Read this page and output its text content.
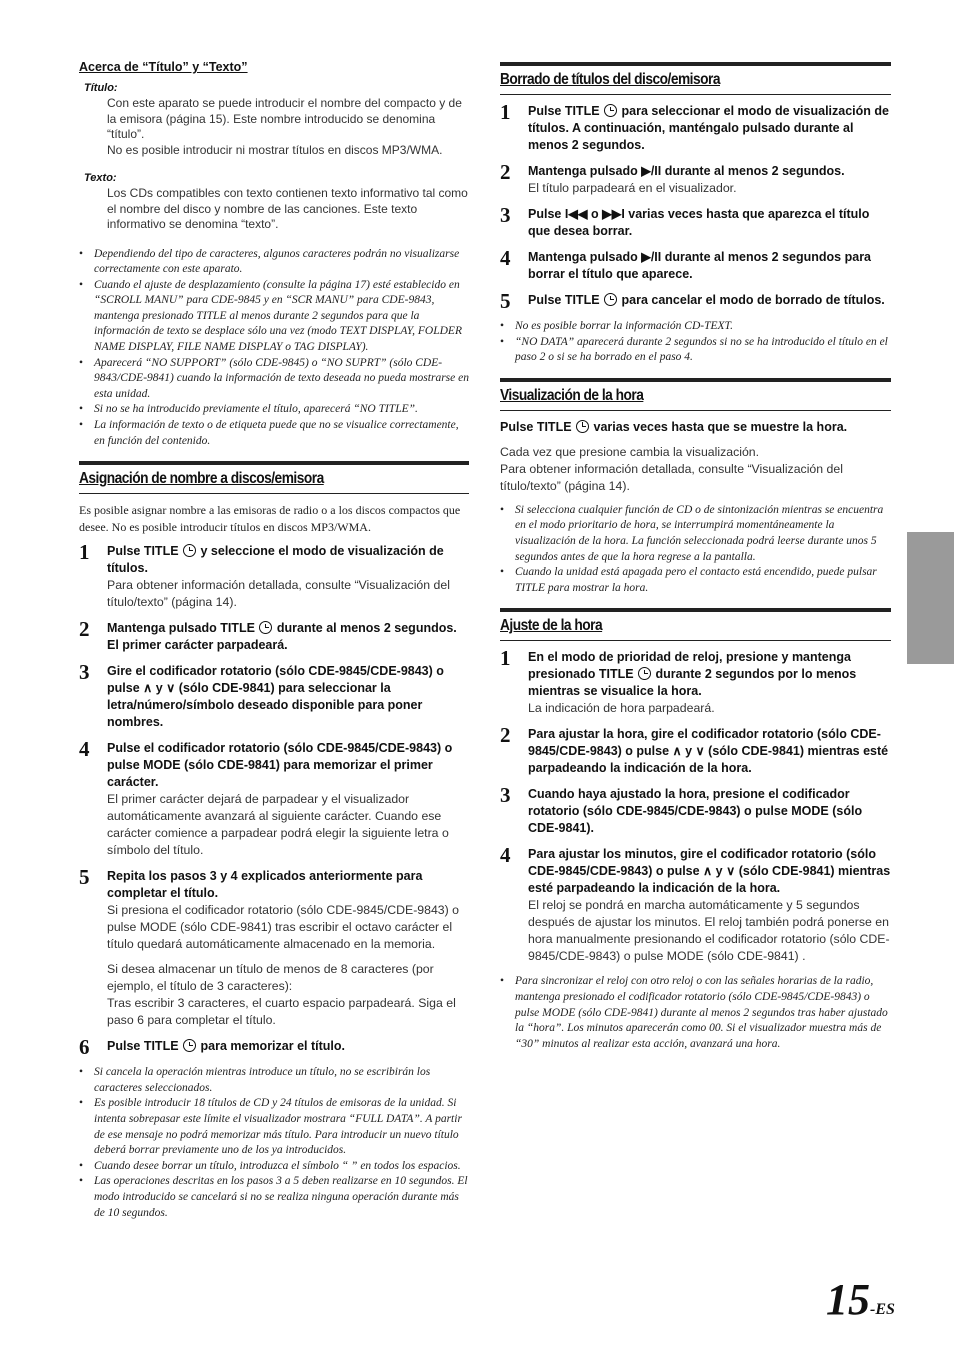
Acerca de “Título” y “Texto”
Título:

Con este aparato se puede introducir el nombre del compacto y de la emisora (página 15). Este nombre introducido se denomina “título”.

No es posible introducir ni mostrar títulos en discos MP3/WMA.

Texto:

Los CDs compatibles con texto contienen texto informativo tal como el nombre del disco y nombre de las canciones. Este texto informativo se denomina “texto”.

• Dependiendo del tipo de caracteres, algunos caracteres podrán no visualizarse correctamente con este aparato.
• Cuando el ajuste de desplazamiento (consulte la página 17) esté establecido en “SCROLL MANU” para CDE-9845 y en “SCR MANU” para CDE-9843, mantenga presionado TITLE al menos durante 2 segundos para que la información de texto se desplace sólo una vez (modo TEXT DISPLAY, FOLDER NAME DISPLAY, FILE NAME DISPLAY o TAG DISPLAY).
• Aparecerá “NO SUPPORT” (sólo CDE-9845) o “NO SUPRT” (sólo CDE-9843/CDE-9841) cuando la información de texto deseada no pueda mostrarse en esta unidad.
• Si no se ha introducido previamente el título, aparecerá “NO TITLE”.
• La información de texto o de etiqueta puede que no se visualice correctamente, en función del contenido.
Asignación de nombre a discos/emisora

Es posible asignar nombre a las emisoras de radio o a los discos compactos que desee. No es posible introducir títulos en discos MP3/WMA.

1	Pulse TITLE  y seleccione el modo de visualización de títulos.

Para obtener información detallada, consulte “Visualización del título/texto” (página 14).

2	Mantenga pulsado TITLE  durante al menos 2 segundos. El primer carácter parpadeará.

3	Gire el codificador rotatorio (sólo CDE-9845/CDE-9843) o pulse ∧ y ∨ (sólo CDE-9841) para seleccionar la letra/número/símbolo deseado disponible para poner nombres.

4	Pulse el codificador rotatorio (sólo CDE-9845/CDE-9843) o pulse MODE (sólo CDE-9841) para memorizar el primer carácter.

El primer carácter dejará de parpadear y el visualizador automáticamente avanzará al siguiente carácter. Cuando ese carácter comience a parpadear podrá elegir la siguiente letra o símbolo del título.

5	Repita los pasos 3 y 4 explicados anteriormente para completar el título.

Si presiona el codificador rotatorio (sólo CDE-9845/CDE-9843) o pulse MODE (sólo CDE-9841) tras escribir el octavo carácter el título quedará automáticamente almacenado en la memoria.

Si desea almacenar un título de menos de 8 caracteres (por ejemplo, el título de 3 caracteres):

Tras escribir 3 caracteres, el cuarto espacio parpadeará. Siga el paso 6 para completar el título.

6	Pulse TITLE  para memorizar el título.

• Si cancela la operación mientras introduce un título, no se escribirán los caracteres seleccionados.
• Es posible introducir 18 títulos de CD y 24 títulos de emisoras de la unidad. Si intenta sobrepasar este límite el visualizador mostrara “FULL DATA”. A partir de ese mensaje no podrá memorizar más título. Para introducir un nuevo título deberá borrar previamente uno de los ya introducidos.
• Cuando desee borrar un título, introduzca el símbolo “ ” en todos los espacios.
• Las operaciones descritas en los pasos 3 a 5 deben realizarse en 10 segundos. El modo introducido se cancelará si no se realiza ninguna operación durante más de 10 segundos.
Borrado de títulos del disco/emisora
1	Pulse TITLE  para seleccionar el modo de visualización de títulos. A continuación, manténgalo pulsado durante al menos 2 segundos.

2	Mantenga pulsado ▶/II durante al menos 2 segundos.

El título parpadeará en el visualizador.

3	Pulse I◀◀ o ▶▶I varias veces hasta que aparezca el título que desea borrar.

4	Mantenga pulsado ▶/II durante al menos 2 segundos para borrar el título que aparece.

5	Pulse TITLE  para cancelar el modo de borrado de títulos.

• No es posible borrar la información CD-TEXT.
• “NO DATA” aparecerá durante 2 segundos si no se ha introducido el título en el paso 2 o si se ha borrado en el paso 4.
Visualización de la hora

Pulse TITLE  varias veces hasta que se muestre la hora.

Cada vez que presione cambia la visualización.

Para obtener información detallada, consulte “Visualización del título/texto” (página 14).

• Si selecciona cualquier función de CD o de sintonización mientras se encuentra en el modo prioritario de hora, se interrumpirá momentáneamente la visualización de la hora. La función seleccionada podrá leerse durante unos 5 segundos antes de que la hora regrese a la pantalla.
• Cuando la unidad está apagada pero el contacto está encendido, puede pulsar TITLE para mostrar la hora.
Ajuste de la hora
1	En el modo de prioridad de reloj, presione y mantenga presionado TITLE  durante 2 segundos por lo menos mientras se visualice la hora.

La indicación de hora parpadeará.

2	Para ajustar la hora, gire el codificador rotatorio (sólo CDE-9845/CDE-9843) o pulse ∧ y ∨ (sólo CDE-9841) mientras esté parpadeando la indicación de la hora.

3	Cuando haya ajustado la hora, presione el codificador rotatorio (sólo CDE-9845/CDE-9843) o pulse MODE (sólo CDE-9841).

4	Para ajustar los minutos, gire el codificador rotatorio (sólo CDE-9845/CDE-9843) o pulse ∧ y ∨ (sólo CDE-9841) mientras esté parpadeando la indicación de la hora.

El reloj se pondrá en marcha automáticamente y 5 segundos después de ajustar los minutos. El reloj también podrá ponerse en hora manualmente presionando el codificador rotatorio (sólo CDE-9845/CDE-9843) o pulse MODE (sólo CDE-9841) .

• Para sincronizar el reloj con otro reloj o con las señales horarias de la radio, mantenga presionado el codificador rotatorio (sólo CDE-9845/CDE-9843) o pulse MODE (sólo CDE-9841) durante al menos 2 segundos tras haber ajustado la “hora”. Los minutos aparecerán como 00. Si el visualizador muestra más de “30” minutos al realizar esta acción, avanzará una hora.
15-ES
